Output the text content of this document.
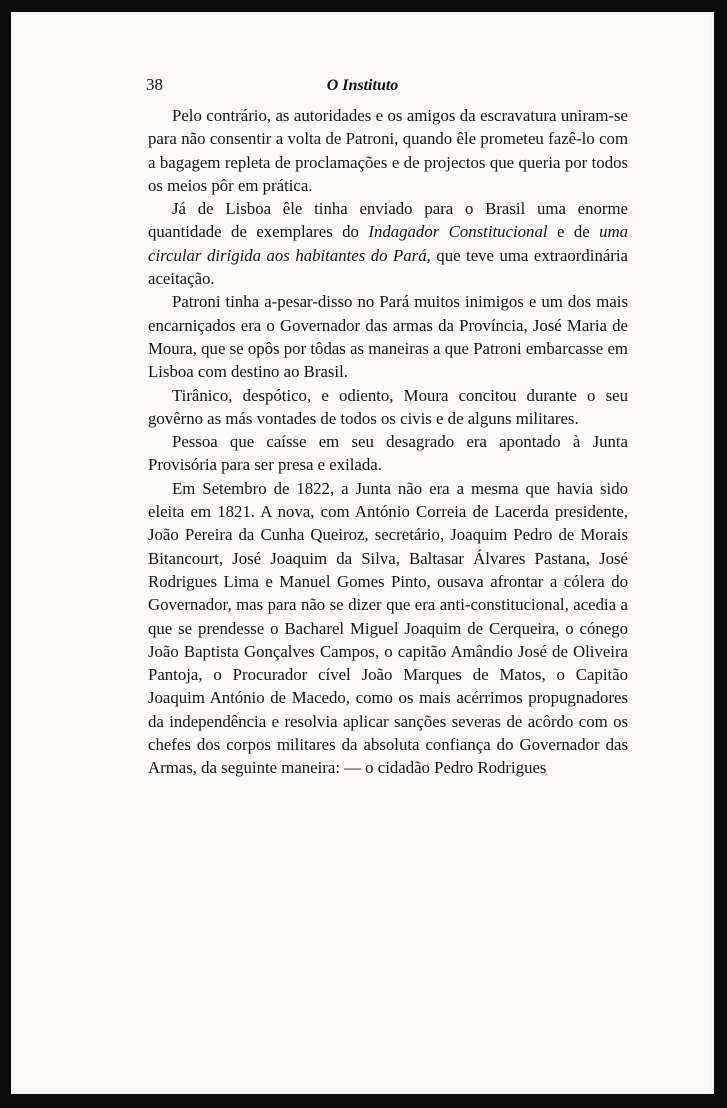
38	O Instituto

Pelo contrário, as autoridades e os amigos da escravatura uniram-se para não consentir a volta de Patroni, quando êle prometeu fazê-lo com a bagagem repleta de proclamações e de projectos que queria por todos os meios pôr em prática.

Já de Lisboa êle tinha enviado para o Brasil uma enorme quantidade de exemplares do Indagador Constitucional e de uma circular dirigida aos habitantes do Pará, que teve uma extraordinária aceitação.

Patroni tinha a-pesar-disso no Pará muitos inimigos e um dos mais encarniçados era o Governador das armas da Província, José Maria de Moura, que se opôs por tôdas as maneiras a que Patroni embarcasse em Lisboa com destino ao Brasil.

Tirânico, despótico, e odiento, Moura concitou durante o seu govêrno as más vontades de todos os civis e de alguns militares.

Pessoa que caísse em seu desagrado era apontado à Junta Provisória para ser presa e exilada.

Em Setembro de 1822, a Junta não era a mesma que havia sido eleita em 1821. A nova, com António Correia de Lacerda presidente, João Pereira da Cunha Queiroz, secretário, Joaquim Pedro de Morais Bitancourt, José Joaquim da Silva, Baltasar Álvares Pastana, José Rodrigues Lima e Manuel Gomes Pinto, ousava afrontar a cólera do Governador, mas para não se dizer que era anti-constitucional, acedia a que se prendesse o Bacharel Miguel Joaquim de Cerqueira, o cónego João Baptista Gonçalves Campos, o capitão Amândio José de Oliveira Pantoja, o Procurador cível João Marques de Matos, o Capitão Joaquim António de Macedo, como os mais acérrimos propugnadores da independência e resolvia aplicar sanções severas de acôrdo com os chefes dos corpos militares da absoluta confiança do Governador das Armas, da seguinte maneira: — o cidadão Pedro Rodrigues
